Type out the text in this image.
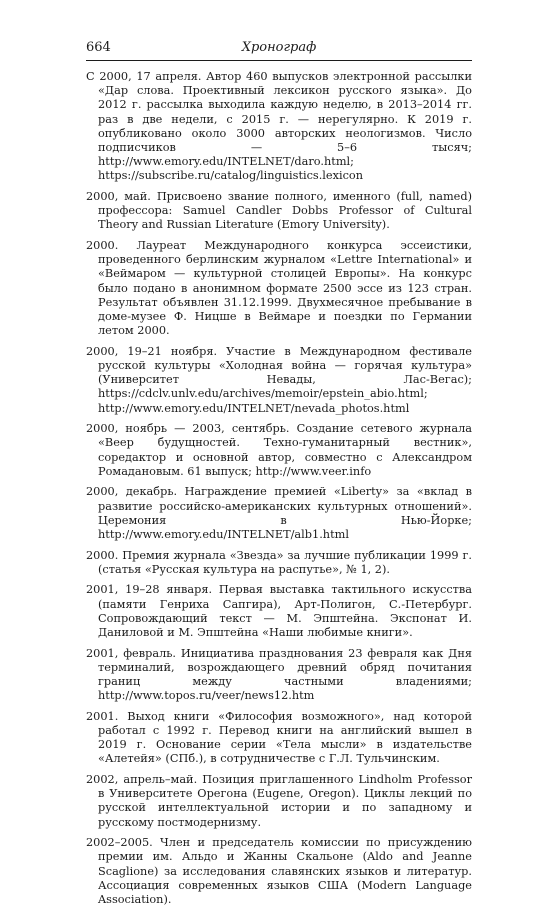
664	Хронограф

С 2000, 17 апреля. Автор 460 выпусков электронной рассылки «Дар слова. Проективный лексикон русского языка». До 2012 г. рассылка выходила каждую неделю, в 2013–2014 гг. раз в две недели, с 2015 г. — нерегулярно. К 2019 г. опубликовано около 3000 авторских неологизмов. Число подписчиков — 5–6 тысяч; http://www.emory.edu/INTELNET/daro.html; https://subscribe.ru/catalog/linguistics.lexicon

2000, май. Присвоено звание полного, именного (full, named) профессора: Samuel Candler Dobbs Professor of Cultural Theory and Russian Literature (Emory University).

2000. Лауреат Международного конкурса эссеистики, проведенного берлинским журналом «Lettre International» и «Веймаром — культурной столицей Европы». На конкурс было подано в анонимном формате 2500 эссе из 123 стран. Результат объявлен 31.12.1999. Двухмесячное пребывание в доме-музее Ф. Ницше в Веймаре и поездки по Германии летом 2000.

2000, 19–21 ноября. Участие в Международном фестивале русской культуры «Холодная война — горячая культура» (Университет Невады, Лас-Вегас); https://cdclv.unlv.edu/archives/memoir/epstein_abio.html; http://www.emory.edu/INTELNET/nevada_photos.html

2000, ноябрь — 2003, сентябрь. Создание сетевого журнала «Веер будущностей. Техно-гуманитарный вестник», соредактор и основной автор, совместно с Александром Ромадановым. 61 выпуск; http://www.veer.info

2000, декабрь. Награждение премией «Liberty» за «вклад в развитие российско-американских культурных отношений». Церемония в Нью-Йорке; http://www.emory.edu/INTELNET/alb1.html

2000. Премия журнала «Звезда» за лучшие публикации 1999 г. (статья «Русская культура на распутье», № 1, 2).

2001, 19–28 января. Первая выставка тактильного искусства (памяти Генриха Сапгира), Арт-Полигон, С.-Петербург. Сопровождающий текст — М. Эпштейна. Экспонат И. Даниловой и М. Эпштейна «Наши любимые книги».

2001, февраль. Инициатива празднования 23 февраля как Дня терминалий, возрождающего древний обряд почитания границ между частными владениями; http://www.topos.ru/veer/news12.htm

2001. Выход книги «Философия возможного», над которой работал с 1992 г. Перевод книги на английский вышел в 2019 г. Основание серии «Тела мысли» в издательстве «Алетейя» (СПб.), в сотрудничестве с Г.Л. Тульчинским.

2002, апрель–май. Позиция приглашенного Lindholm Professor в Университете Орегона (Eugene, Oregon). Циклы лекций по русской интеллектуальной истории и по западному и русскому постмодернизму.

2002–2005. Член и председатель комиссии по присуждению премии им. Альдо и Жанны Скальоне (Aldo and Jeanne Scaglione) за исследования славянских языков и литератур. Ассоциация современных языков США (Modern Language Association).
